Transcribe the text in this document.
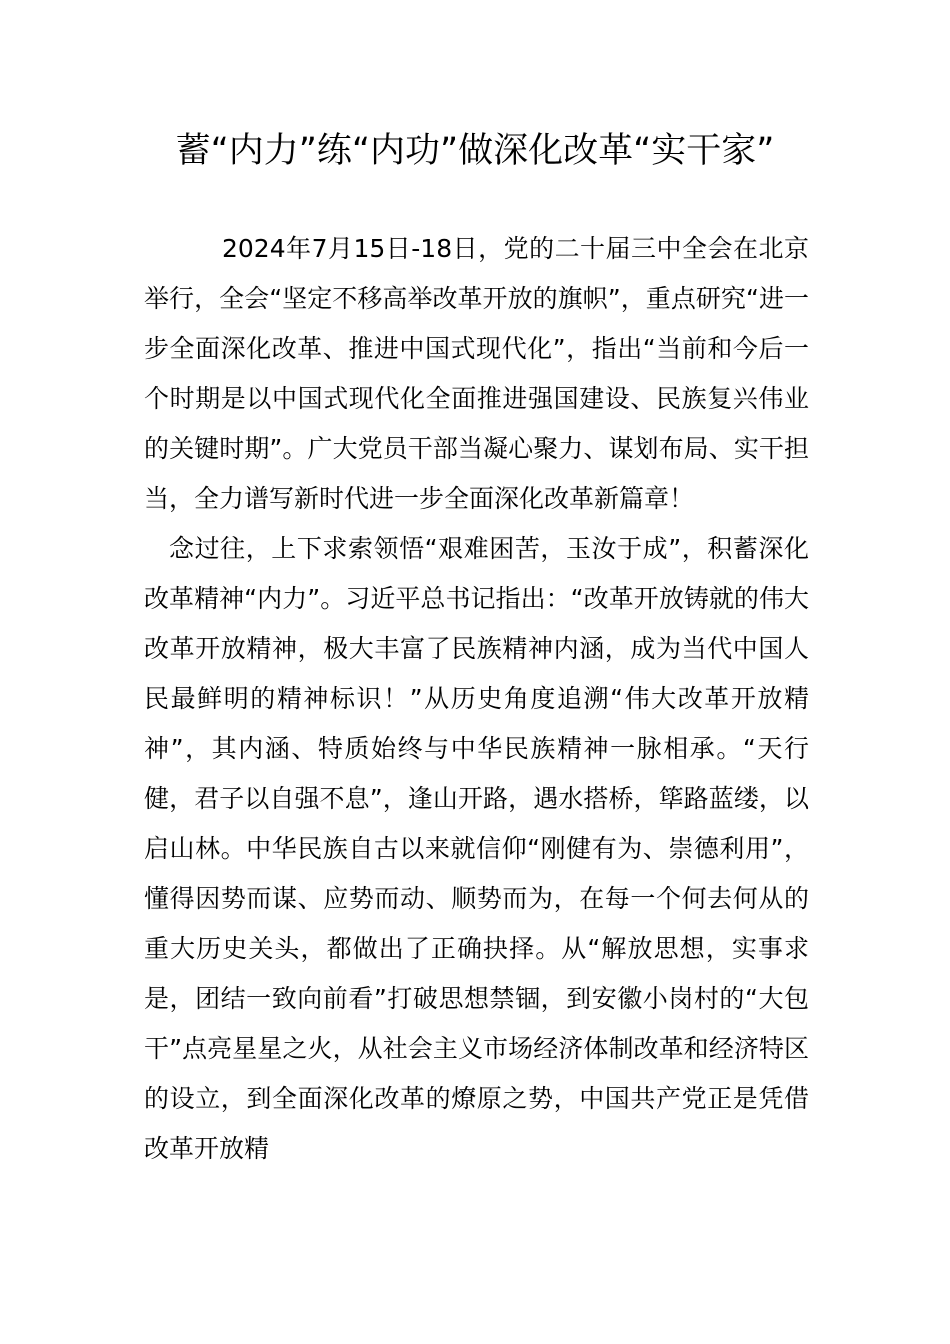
蓄“内力”练“内功”做深化改革“实干家”

2024年7月15日-18日，党的二十届三中全会在北京举行，全会“坚定不移高举改革开放的旗帜”，重点研究“进一步全面深化改革、推进中国式现代化”，指出“当前和今后一个时期是以中国式现代化全面推进强国建设、民族复兴伟业的关键时期”。广大党员干部当凝心聚力、谋划布局、实干担当，全力谱写新时代进一步全面深化改革新篇章！

念过往，上下求索领悟“艰难困苦，玉汝于成”，积蓄深化改革精神“内力”。习近平总书记指出：“改革开放铸就的伟大改革开放精神，极大丰富了民族精神内涵，成为当代中国人民最鲜明的精神标识！”从历史角度追溯“伟大改革开放精神”，其内涵、特质始终与中华民族精神一脉相承。“天行健，君子以自强不息”，逢山开路，遇水搭桥，筚路蓝缕，以启山林。中华民族自古以来就信仰“刚健有为、崇德利用”，懂得因势而谋、应势而动、顺势而为，在每一个何去何从的重大历史关头，都做出了正确抉择。从“解放思想，实事求是，团结一致向前看”打破思想禁锢，到安徽小岗村的“大包干”点亮星星之火，从社会主义市场经济体制改革和经济特区的设立，到全面深化改革的燎原之势，中国共产党正是凭借改革开放精
